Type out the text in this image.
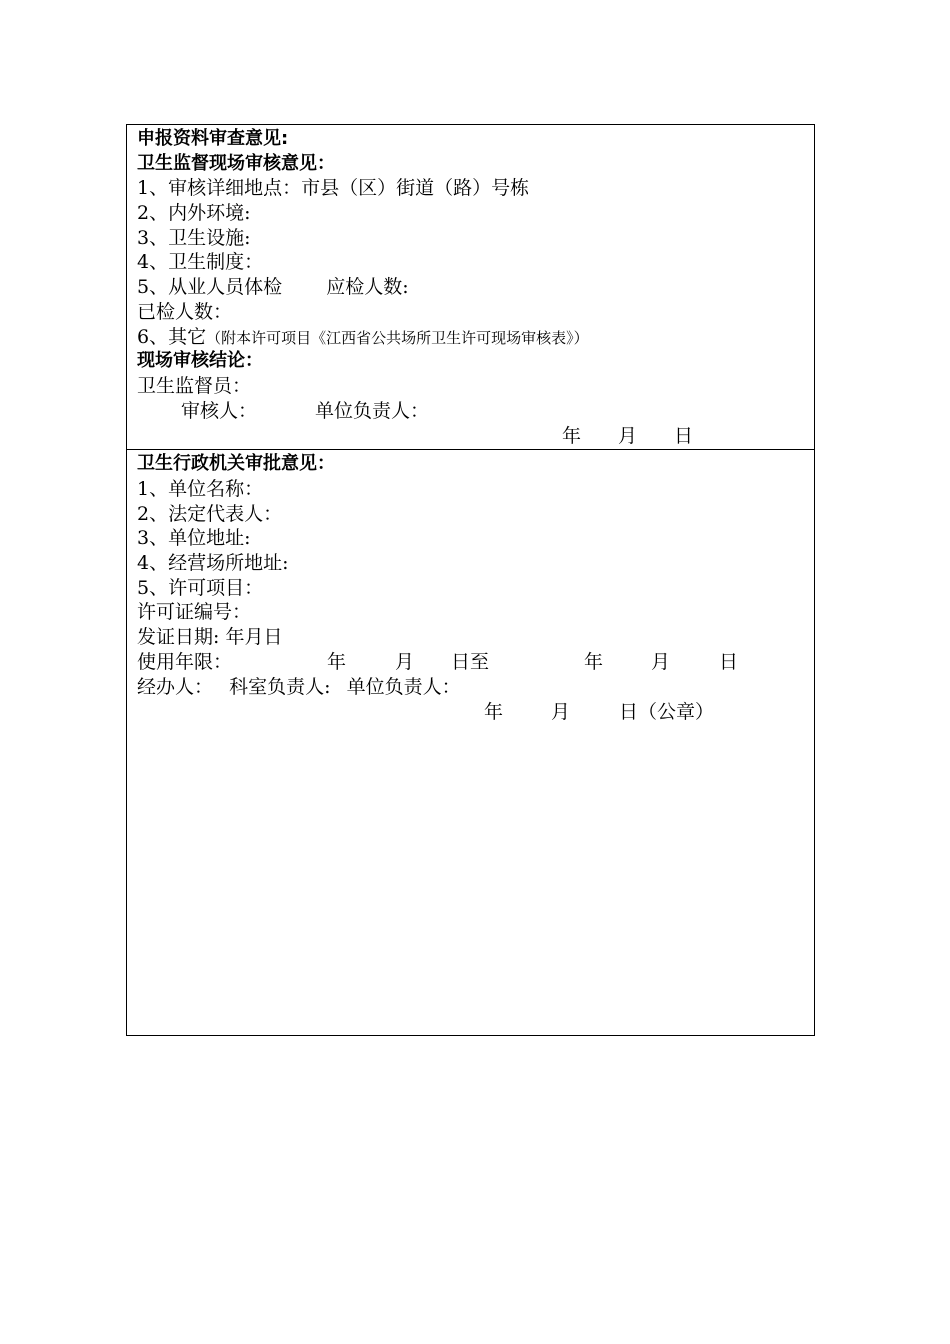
申报资料审查意见:
卫生监督现场审核意见：
1、审核详细地点：市县（区）街道（路）号栋
2、内外环境:
3、卫生设施:
4、卫生制度：
5、从业人员体检 应检人数:
已检人数：
6、其它（附本许可项目《江西省公共场所卫生许可现场审核表》）
现场审核结论：
卫生监督员：
审核人：	单位负责人：
年 月 日
卫生行政机关审批意见：
1、单位名称：
2、法定代表人：
3、单位地址:
4、经营场所地址:
5、许可项目：
许可证编号：
发证日期: 年月日
使用年限：	年	月 日至	年	月	日
经办人： 科室负责人: 单位负责人：
年	月	日（公章）
